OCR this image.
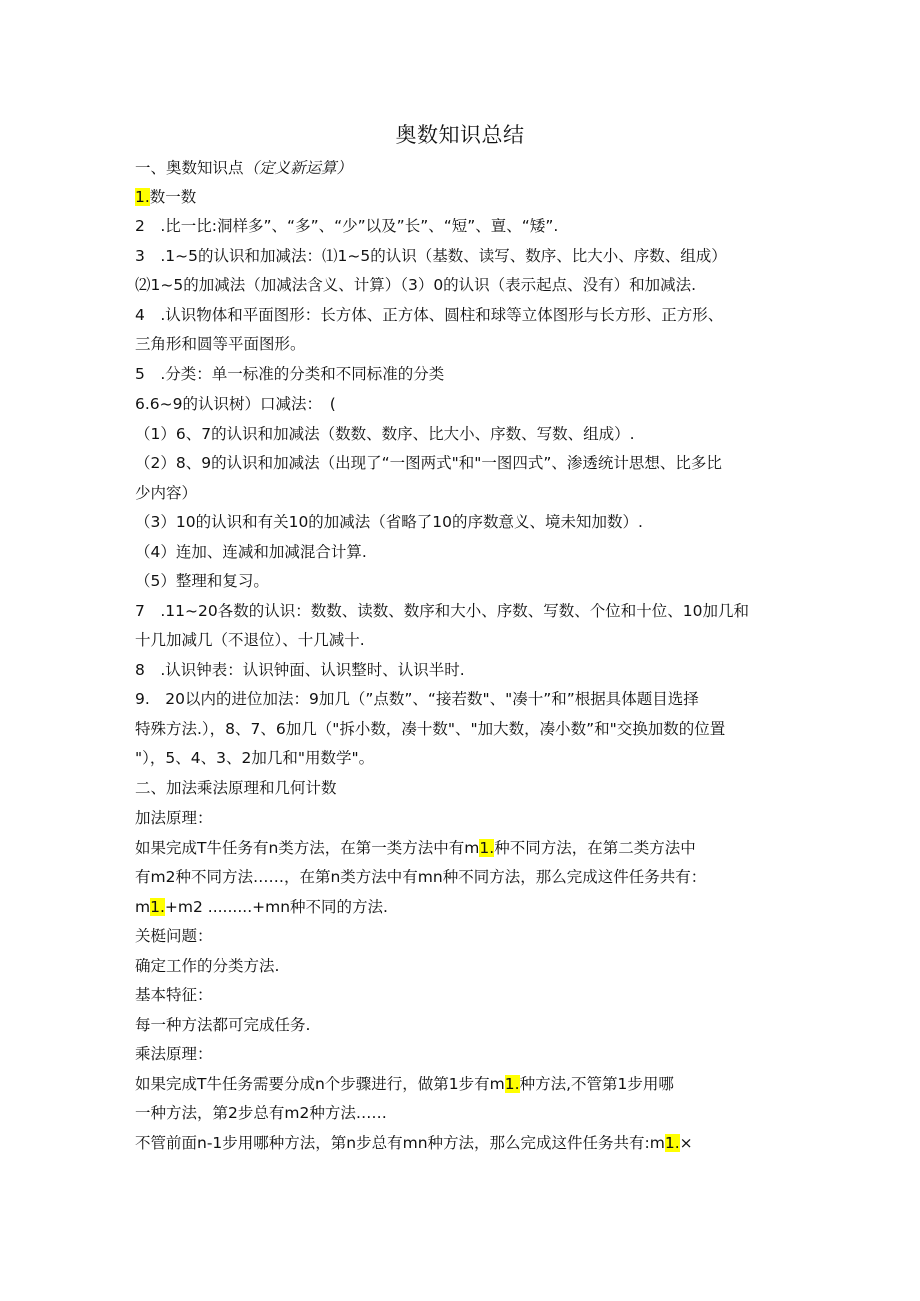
奥数知识总结
一、奥数知识点（定义新运算）
1.数一数
2　.比一比:洞样多”、“多”、“少”以及”长”、“短”、亶、“矮”.
3　.1~5的认识和加减法：⑴1~5的认识（基数、读写、数序、比大小、序数、组成）
⑵1~5的加减法（加减法含义、计算）（3）0的认识（表示起点、没有）和加减法.
4　.认识物体和平面图形：长方体、正方体、圆柱和球等立体图形与长方形、正方形、
三角形和圆等平面图形。
5　.分类：单一标准的分类和不同标准的分类
6.6~9的认识树）口减法：　(
（1）6、7的认识和加减法（数数、数序、比大小、序数、写数、组成）.
（2）8、9的认识和加减法（出现了“一图两式"和"一图四式”、渗透统计思想、比多比
少内容）
（3）10的认识和有关10的加减法（省略了10的序数意义、境未知加数）.
（4）连加、连减和加减混合计算.
（5）整理和复习。
7　.11~20各数的认识：数数、读数、数序和大小、序数、写数、个位和十位、10加几和
十几加减几（不退位）、十几减十.
8　.认识钟表：认识钟面、认识整时、认识半时.
9.　20以内的进位加法：9加几（”点数”、“接若数"、"凑十”和”根据具体题目选择
特殊方法.），8、7、6加几（"拆小数，凑十数"、"加大数，凑小数”和"交换加数的位置
"），5、4、3、2加几和"用数学"。
二、加法乘法原理和几何计数
加法原理：
如果完成T牛任务有n类方法，在第一类方法中有m1.种不同方法，在第二类方法中
有m2种不同方法……，在第n类方法中有mn种不同方法，那么完成这件任务共有：
m1.+m2 .........+mn种不同的方法.
关梃问题：
确定工作的分类方法.
基本特征：
每一种方法都可完成任务.
乘法原理：
如果完成T牛任务需要分成n个步骤进行，做第1步有m1.种方法,不管第1步用哪
一种方法，第2步总有m2种方法……
不管前面n-1步用哪种方法，第n步总有mn种方法，那么完成这件任务共有:m1.×
